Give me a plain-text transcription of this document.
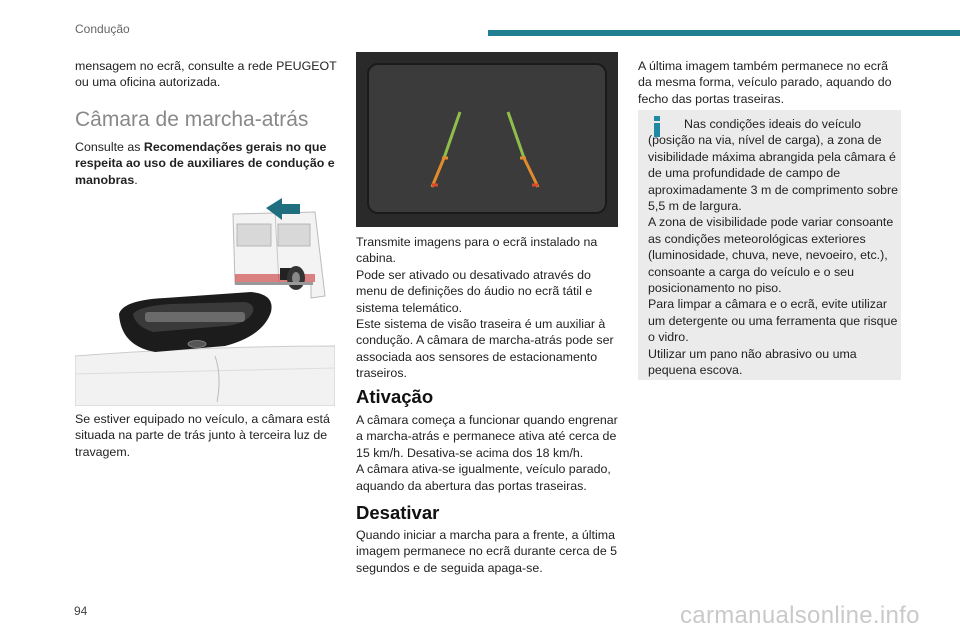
Condução

mensagem no ecrã, consulte a rede PEUGEOT ou uma oficina autorizada.

Câmara de marcha-atrás

Consulte as Recomendações gerais no que respeita ao uso de auxiliares de condução e manobras.

Se estiver equipado no veículo, a câmara está situada na parte de trás junto à terceira luz de travagem.

Transmite imagens para o ecrã instalado na cabina.
Pode ser ativado ou desativado através do menu de definições do áudio no ecrã tátil e sistema telemático.
Este sistema de visão traseira é um auxiliar à condução. A câmara de marcha-atrás pode ser associada aos sensores de estacionamento traseiros.

Ativação

A câmara começa a funcionar quando engrenar a marcha-atrás e permanece ativa até cerca de 15 km/h. Desativa-se acima dos 18 km/h.
A câmara ativa-se igualmente, veículo parado, aquando da abertura das portas traseiras.

Desativar

Quando iniciar a marcha para a frente, a última imagem permanece no ecrã durante cerca de 5 segundos e de seguida apaga-se.

A última imagem também permanece no ecrã da mesma forma, veículo parado, aquando do fecho das portas traseiras.

Nas condições ideais do veículo (posição na via, nível de carga), a zona de visibilidade máxima abrangida pela câmara é de uma profundidade de campo de aproximadamente 3 m de comprimento sobre 5,5 m de largura.
A zona de visibilidade pode variar consoante as condições meteorológicas exteriores (luminosidade, chuva, neve, nevoeiro, etc.), consoante a carga do veículo e o seu posicionamento no piso.
Para limpar a câmara e o ecrã, evite utilizar um detergente ou uma ferramenta que risque o vidro.
Utilizar um pano não abrasivo ou uma pequena escova.

94	carmanualsonline.info
